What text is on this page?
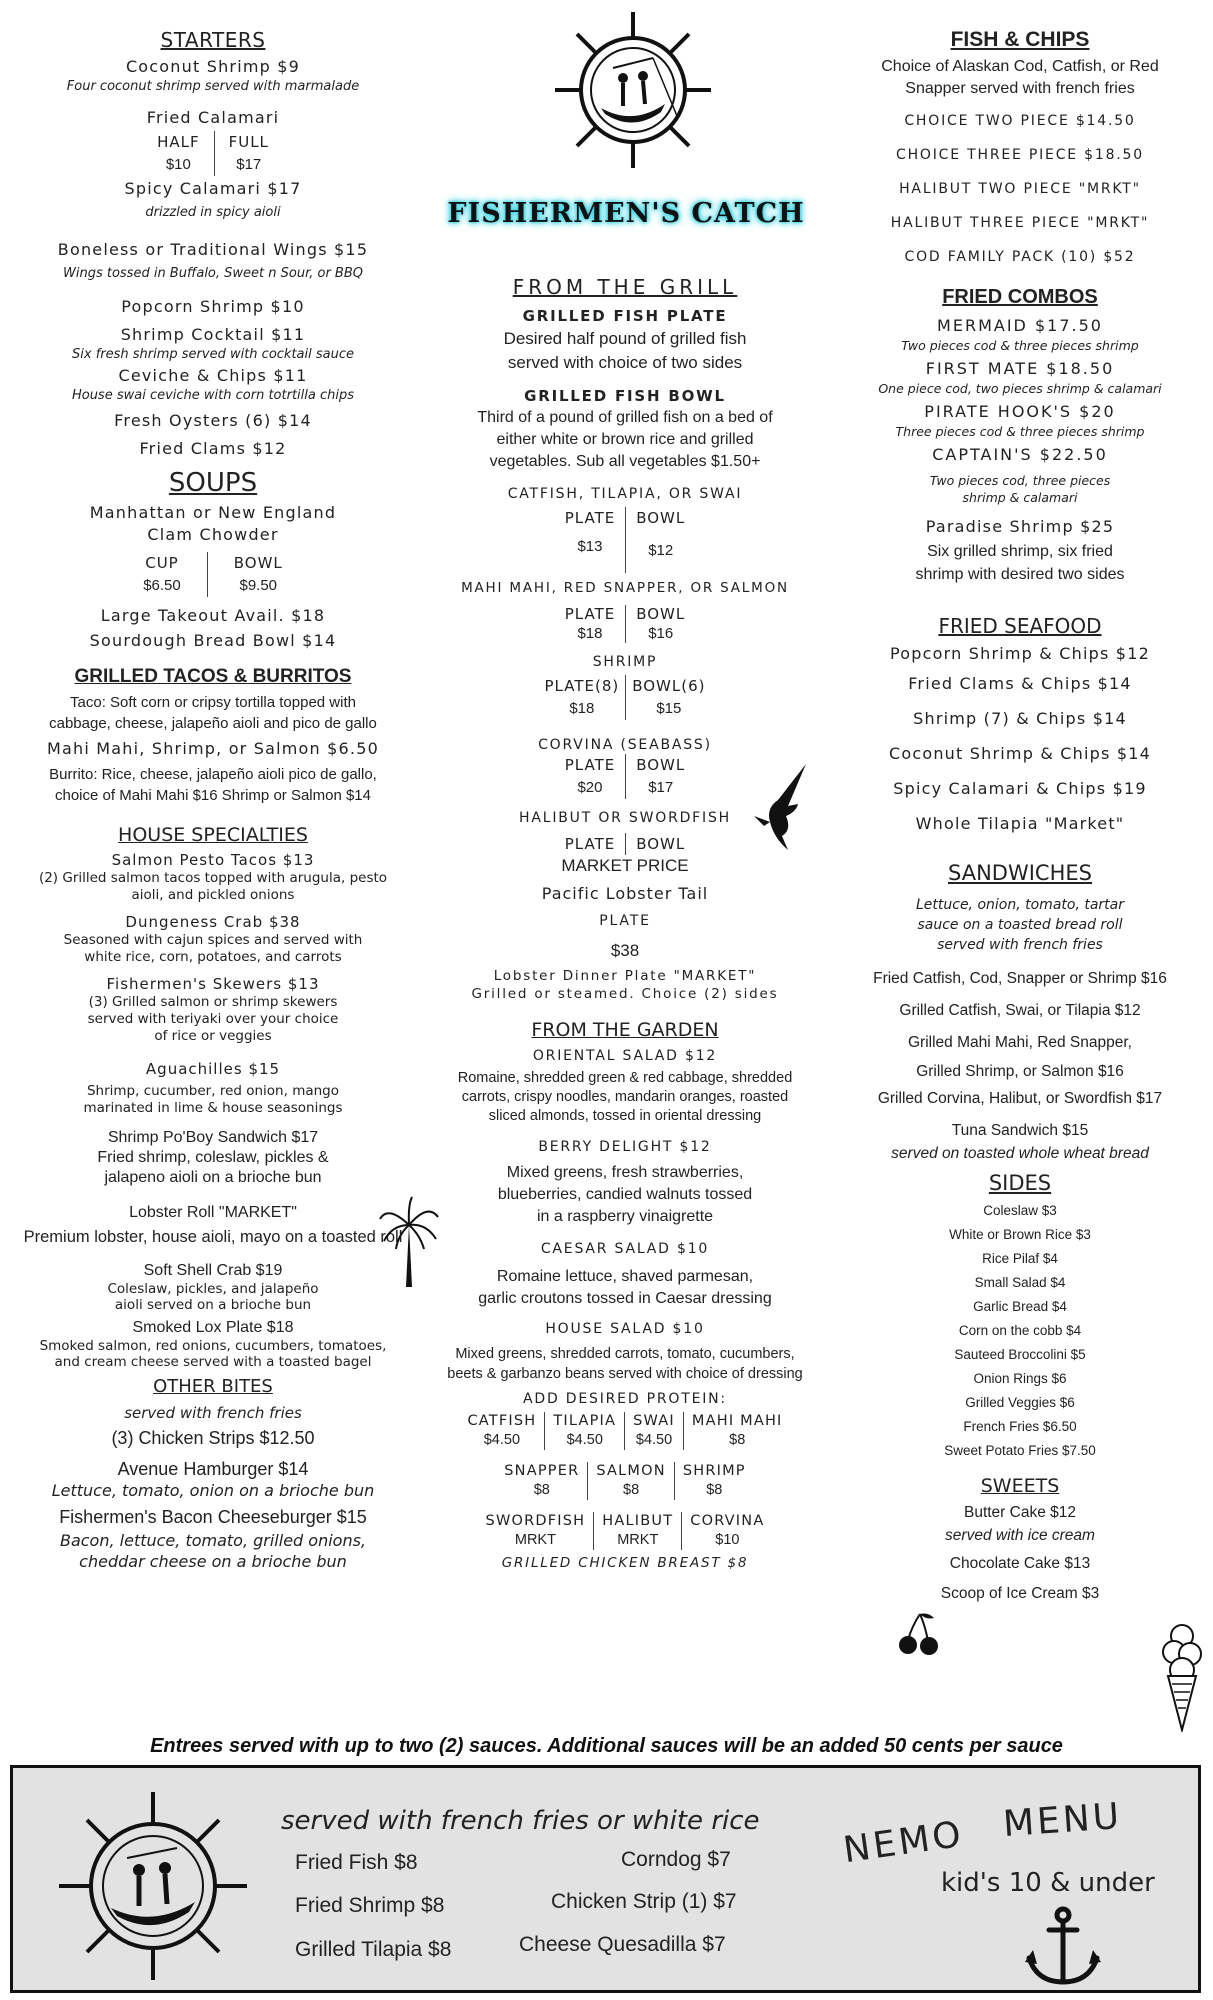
FISHERMEN'S CATCH
STARTERS

Coconut Shrimp $9

Four coconut shrimp served with marmalade

Fried Calamari

HALF
$10
FULL
$17

Spicy Calamari $17

drizzled in spicy aioli

Boneless or Traditional Wings $15

Wings tossed in Buffalo, Sweet n Sour, or BBQ

Popcorn Shrimp $10

Shrimp Cocktail $11

Six fresh shrimp served with cocktail sauce

Ceviche & Chips $11

House swai ceviche with corn totrtilla chips

Fresh Oysters (6) $14

Fried Clams $12

SOUPS

Manhattan or New England

Clam Chowder

CUP
$6.50
BOWL
$9.50

Large Takeout Avail. $18

Sourdough Bread Bowl $14

GRILLED TACOS & BURRITOS

Taco: Soft corn or cripsy tortilla topped with

cabbage, cheese, jalapeño aioli and pico de gallo

Mahi Mahi, Shrimp, or Salmon $6.50

Burrito: Rice, cheese, jalapeño aioli pico de gallo,

choice of Mahi Mahi $16 Shrimp or Salmon $14

HOUSE SPECIALTIES

Salmon Pesto Tacos $13

(2) Grilled salmon tacos topped with arugula, pesto
aioli, and pickled onions

Dungeness Crab $38

Seasoned with cajun spices and served with
white rice, corn, potatoes, and carrots

Fishermen's Skewers $13

(3) Grilled salmon or shrimp skewers
served with teriyaki over your choice
of rice or veggies

Aguachilles $15

Shrimp, cucumber, red onion, mango
marinated in lime & house seasonings

Shrimp Po'Boy Sandwich $17

Fried shrimp, coleslaw, pickles &
jalapeno aioli on a brioche bun

Lobster Roll "MARKET"

Premium lobster, house aioli, mayo on a toasted roll

Soft Shell Crab $19

Coleslaw, pickles, and jalapeño
aioli served on a brioche bun

Smoked Lox Plate $18

Smoked salmon, red onions, cucumbers, tomatoes,
and cream cheese served with a toasted bagel

OTHER BITES

served with french fries

(3) Chicken Strips $12.50

Avenue Hamburger $14

Lettuce, tomato, onion on a brioche bun

Fishermen's Bacon Cheeseburger $15

Bacon, lettuce, tomato, grilled onions,
cheddar cheese on a brioche bun

FROM THE GRILL

GRILLED FISH PLATE

Desired half pound of grilled fish
served with choice of two sides

GRILLED FISH BOWL

Third of a pound of grilled fish on a bed of
either white or brown rice and grilled
vegetables. Sub all vegetables $1.50+

CATFISH, TILAPIA, OR SWAI

PLATE
$13
BOWL
$12

MAHI MAHI, RED SNAPPER, OR SALMON

PLATE
$18
BOWL
$16

SHRIMP

PLATE(8)
$18
BOWL(6)
$15

CORVINA (SEABASS)

PLATE
$20
BOWL
$17

HALIBUT OR SWORDFISH

PLATE	BOWL

MARKET PRICE

Pacific Lobster Tail

PLATE

$38

Lobster Dinner Plate "MARKET"

Grilled or steamed. Choice (2) sides

FROM THE GARDEN

ORIENTAL SALAD $12

Romaine, shredded green & red cabbage, shredded
carrots, crispy noodles, mandarin oranges, roasted
sliced almonds, tossed in oriental dressing

BERRY DELIGHT $12

Mixed greens, fresh strawberries,
blueberries, candied walnuts tossed
in a raspberry vinaigrette

CAESAR SALAD $10

Romaine lettuce, shaved parmesan,
garlic croutons tossed in Caesar dressing

HOUSE SALAD $10

Mixed greens, shredded carrots, tomato, cucumbers,
beets & garbanzo beans served with choice of dressing

ADD DESIRED PROTEIN:

CATFISH
$4.50
TILAPIA
$4.50
SWAI
$4.50
MAHI MAHI
$8
SNAPPER
$8
SALMON
$8
SHRIMP
$8
SWORDFISH
MRKT
HALIBUT
MRKT
CORVINA
$10

GRILLED CHICKEN BREAST $8

FISH & CHIPS

Choice of Alaskan Cod, Catfish, or Red
Snapper served with french fries

CHOICE TWO PIECE $14.50

CHOICE THREE PIECE $18.50

HALIBUT TWO PIECE "MRKT"

HALIBUT THREE PIECE "MRKT"

COD FAMILY PACK (10) $52

FRIED COMBOS

MERMAID $17.50

Two pieces cod & three pieces shrimp

FIRST MATE $18.50

One piece cod, two pieces shrimp & calamari

PIRATE HOOK'S $20

Three pieces cod & three pieces shrimp

CAPTAIN'S $22.50

Two pieces cod, three pieces
shrimp & calamari

Paradise Shrimp $25

Six grilled shrimp, six fried
shrimp with desired two sides

FRIED SEAFOOD

Popcorn Shrimp & Chips $12

Fried Clams & Chips $14

Shrimp (7) & Chips $14

Coconut Shrimp & Chips $14

Spicy Calamari & Chips $19

Whole Tilapia "Market"

SANDWICHES

Lettuce, onion, tomato, tartar
sauce on a toasted bread roll
served with french fries

Fried Catfish, Cod, Snapper or Shrimp $16

Grilled Catfish, Swai, or Tilapia $12

Grilled Mahi Mahi, Red Snapper,

Grilled Shrimp, or Salmon $16

Grilled Corvina, Halibut, or Swordfish $17

Tuna Sandwich $15

served on toasted whole wheat bread

SIDES

Coleslaw $3

White or Brown Rice $3

Rice Pilaf $4

Small Salad $4

Garlic Bread $4

Corn on the cobb $4

Sauteed Broccolini $5

Onion Rings $6

Grilled Veggies $6

French Fries $6.50

Sweet Potato Fries $7.50

SWEETS

Butter Cake $12

served with ice cream

Chocolate Cake $13

Scoop of Ice Cream $3

Entrees served with up to two (2) sauces. Additional sauces will be an added 50 cents per sauce

served with french fries or white rice

Fried Fish $8

Fried Shrimp $8

Grilled Tilapia $8

Corndog $7

Chicken Strip (1) $7

Cheese Quesadilla $7

NEMO MENU

kid's 10 & under
